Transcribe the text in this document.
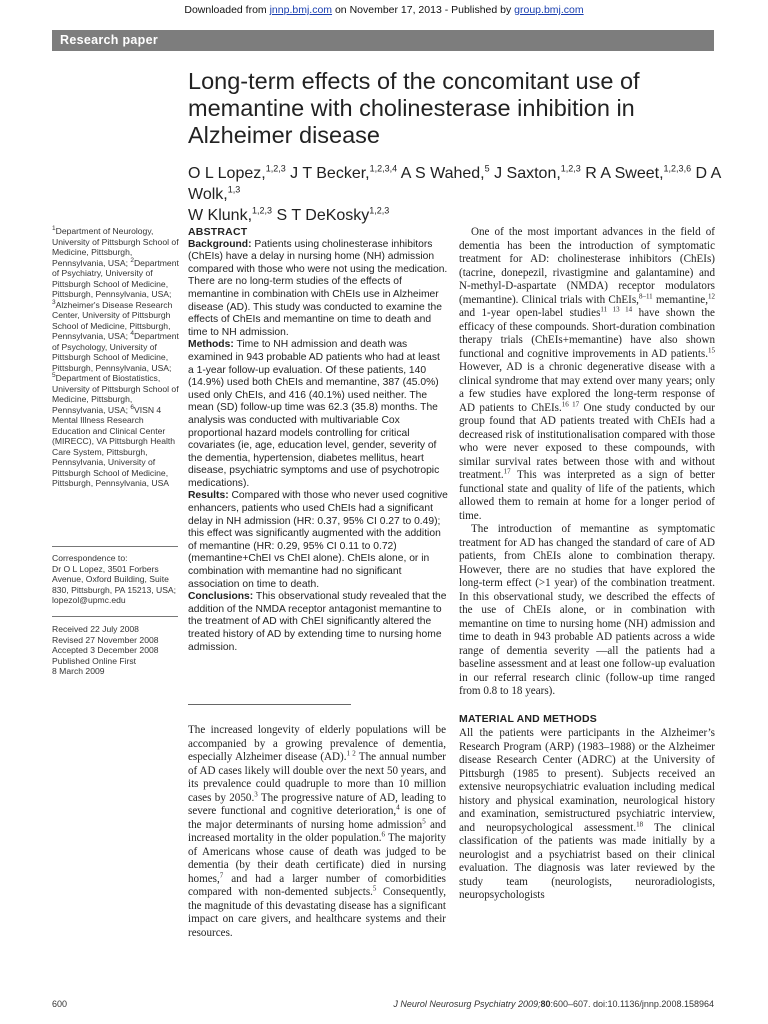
Downloaded from jnnp.bmj.com on November 17, 2013 - Published by group.bmj.com
Research paper
Long-term effects of the concomitant use of memantine with cholinesterase inhibition in Alzheimer disease
O L Lopez,$^{1,2,3}$ J T Becker,$^{1,2,3,4}$ A S Wahed,$^5$ J Saxton,$^{1,2,3}$ R A Sweet,$^{1,2,3,6}$ D A Wolk,$^{1,3}$
W Klunk,$^{1,2,3}$ S T DeKosky$^{1,2,3}$
$^1$Department of Neurology, University of Pittsburgh School of Medicine, Pittsburgh, Pennsylvania, USA; $^2$Department of Psychiatry, University of Pittsburgh School of Medicine, Pittsburgh, Pennsylvania, USA; $^3$Alzheimer's Disease Research Center, University of Pittsburgh School of Medicine, Pittsburgh, Pennsylvania, USA; $^4$Department of Psychology, University of Pittsburgh School of Medicine, Pittsburgh, Pennsylvania, USA; $^5$Department of Biostatistics, University of Pittsburgh School of Medicine, Pittsburgh, Pennsylvania, USA; $^6$VISN 4 Mental Illness Research Education and Clinical Center (MIRECC), VA Pittsburgh Health Care System, Pittsburgh, Pennsylvania, University of Pittsburgh School of Medicine, Pittsburgh, Pennsylvania, USA
Correspondence to:
Dr O L Lopez, 3501 Forbers Avenue, Oxford Building, Suite 830, Pittsburgh, PA 15213, USA; lopezol@upmc.edu
Received 22 July 2008
Revised 27 November 2008
Accepted 3 December 2008
Published Online First
8 March 2009
ABSTRACT
Background: Patients using cholinesterase inhibitors (ChEIs) have a delay in nursing home (NH) admission compared with those who were not using the medication. There are no long-term studies of the effects of memantine in combination with ChEIs use in Alzheimer disease (AD). This study was conducted to examine the effects of ChEIs and memantine on time to death and time to NH admission.
Methods: Time to NH admission and death was examined in 943 probable AD patients who had at least a 1-year follow-up evaluation. Of these patients, 140 (14.9%) used both ChEIs and memantine, 387 (45.0%) used only ChEIs, and 416 (40.1%) used neither. The mean (SD) follow-up time was 62.3 (35.8) months. The analysis was conducted with multivariable Cox proportional hazard models controlling for critical covariates (ie, age, education level, gender, severity of the dementia, hypertension, diabetes mellitus, heart disease, psychiatric symptoms and use of psychotropic medications).
Results: Compared with those who never used cognitive enhancers, patients who used ChEIs had a significant delay in NH admission (HR: 0.37, 95% CI 0.27 to 0.49); this effect was significantly augmented with the addition of memantine (HR: 0.29, 95% CI 0.11 to 0.72) (memantine+ChEI vs ChEI alone). ChEIs alone, or in combination with memantine had no significant association on time to death.
Conclusions: This observational study revealed that the addition of the NMDA receptor antagonist memantine to the treatment of AD with ChEI significantly altered the treated history of AD by extending time to nursing home admission.

The increased longevity of elderly populations will be accompanied by a growing prevalence of dementia, especially Alzheimer disease (AD).$^{1 2}$ The annual number of AD cases likely will double over the next 50 years, and its prevalence could quadruple to more than 10 million cases by 2050.$^3$ The progressive nature of AD, leading to severe functional and cognitive deterioration,$^4$ is one of the major determinants of nursing home admission$^5$ and increased mortality in the older population.$^6$ The majority of Americans whose cause of death was judged to be dementia (by their death certificate) died in nursing homes,$^7$ and had a larger number of comorbidities compared with non-demented subjects.$^5$ Consequently, the magnitude of this devastating disease has a significant impact on care givers, and healthcare systems and their resources.

One of the most important advances in the field of dementia has been the introduction of symptomatic treatment for AD: cholinesterase inhibitors (ChEIs) (tacrine, donepezil, rivastigmine and galantamine) and N-methyl-D-aspartate (NMDA) receptor modulators (memantine). Clinical trials with ChEIs,$^{8-11}$ memantine,$^{12}$ and 1-year open-label studies$^{11 13 14}$ have shown the efficacy of these compounds. Short-duration combination therapy trials (ChEIs+memantine) have also shown functional and cognitive improvements in AD patients.$^{15}$ However, AD is a chronic degenerative disease with a clinical syndrome that may extend over many years; only a few studies have explored the long-term response of AD patients to ChEIs.$^{16 17}$ One study conducted by our group found that AD patients treated with ChEIs had a decreased risk of institutionalisation compared with those who were never exposed to these compounds, with similar survival rates between those with and without treatment.$^{17}$ This was interpreted as a sign of better functional state and quality of life of the patients, which allowed them to remain at home for a longer period of time.

The introduction of memantine as symptomatic treatment for AD has changed the standard of care of AD patients, from ChEIs alone to combination therapy. However, there are no studies that have explored the long-term effect (>1 year) of the combination treatment. In this observational study, we described the effects of the use of ChEIs alone, or in combination with memantine on time to nursing home (NH) admission and time to death in 943 probable AD patients across a wide range of dementia severity —all the patients had a baseline assessment and at least one follow-up evaluation in our referral research clinic (follow-up time ranged from 0.8 to 18 years).

MATERIAL AND METHODS

All the patients were participants in the Alzheimer’s Research Program (ARP) (1983–1988) or the Alzheimer disease Research Center (ADRC) at the University of Pittsburgh (1985 to present). Subjects received an extensive neuropsychiatric evaluation including medical history and physical examination, neurological history and examination, semistructured psychiatric interview, and neuropsychological assessment.$^{18}$ The clinical classification of the patients was made initially by a neurologist and a psychiatrist based on their clinical evaluation. The diagnosis was later reviewed by the study team (neurologists, neuroradiologists, neuropsychologists

600	J Neurol Neurosurg Psychiatry 2009;80:600–607. doi:10.1136/jnnp.2008.158964
